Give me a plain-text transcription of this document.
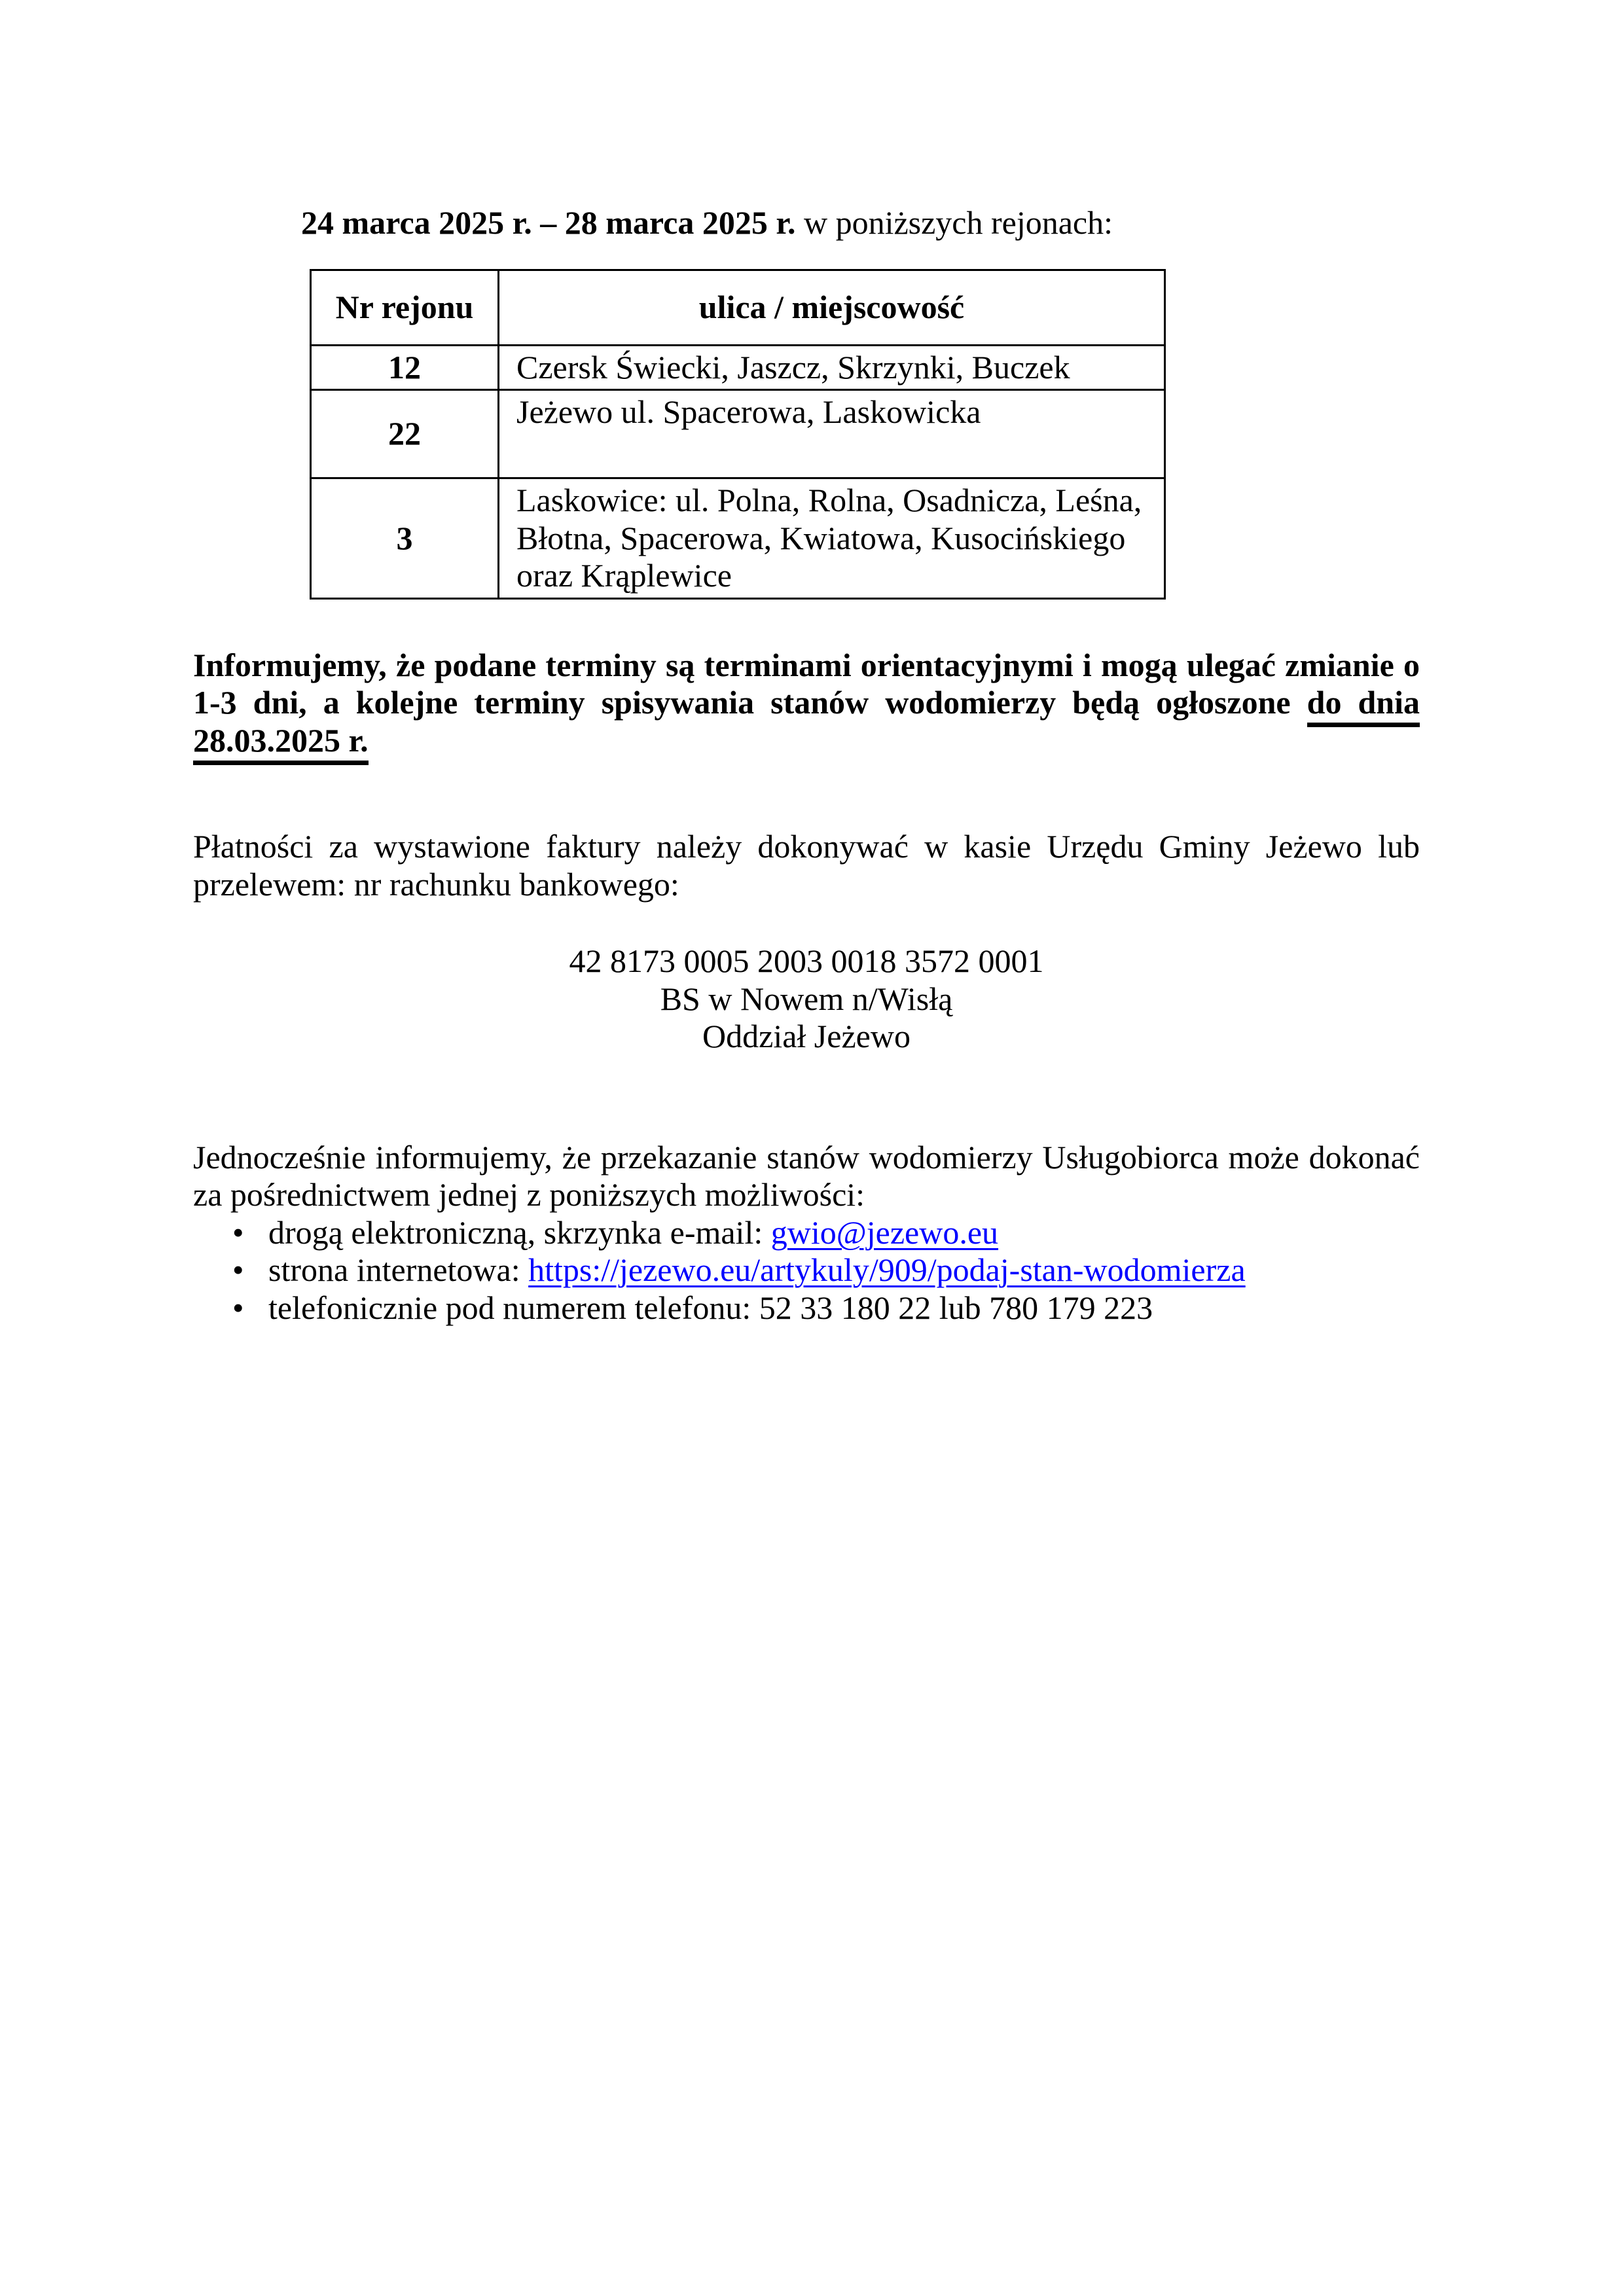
24 marca 2025 r. – 28 marca 2025 r. w poniższych rejonach:

Nr rejonu	ulica / miejscowość
12	Czersk Świecki, Jaszcz, Skrzynki, Buczek
22	Jeżewo ul. Spacerowa, Laskowicka
3	Laskowice: ul. Polna, Rolna, Osadnicza, Leśna, Błotna, Spacerowa, Kwiatowa, Kusocińskiego oraz Krąplewice

Informujemy, że podane terminy są terminami orientacyjnymi i mogą ulegać zmianie o 1-3 dni, a kolejne terminy spisywania stanów wodomierzy będą ogłoszone do dnia 28.03.2025 r.

Płatności za wystawione faktury należy dokonywać w kasie Urzędu Gminy Jeżewo lub przelewem: nr rachunku bankowego:

42 8173 0005 2003 0018 3572 0001

BS w Nowem n/Wisłą

Oddział Jeżewo

Jednocześnie informujemy, że przekazanie stanów wodomierzy Usługobiorca może dokonać za pośrednictwem jednej z poniższych możliwości:

• drogą elektroniczną, skrzynka e-mail: gwio@jezewo.eu
• strona internetowa: https://jezewo.eu/artykuly/909/podaj-stan-wodomierza
• telefonicznie pod numerem telefonu: 52 33 180 22 lub 780 179 223
